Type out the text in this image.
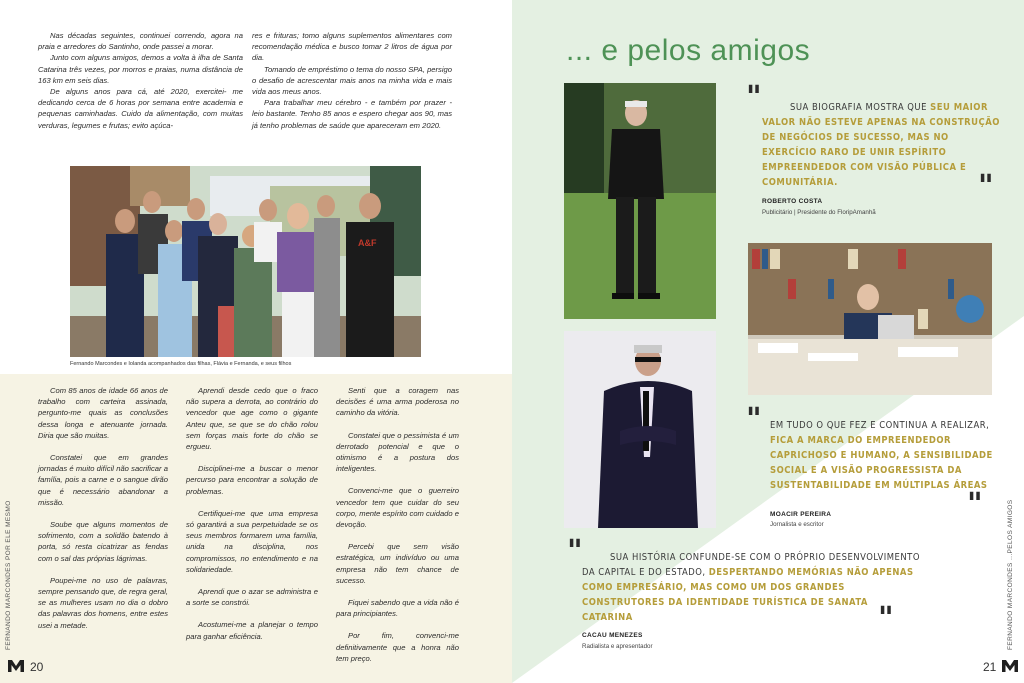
Nas décadas seguintes, continuei correndo, agora na praia e arredores do Santinho, onde passei a morar.

Junto com alguns amigos, demos a volta à ilha de Santa Catarina três vezes, por morros e praias, numa distância de 163 km em seis dias.

De alguns anos para cá, até 2020, exercitei- me dedicando cerca de 6 horas por semana entre academia e pequenas caminhadas. Cuido da alimentação, com muitas verduras, legumes e frutas; evito açúca-

res e frituras; tomo alguns suplementos alimentares com recomendação médica e busco tomar 2 litros de água por dia.

Tomando de empréstimo o tema do nosso SPA, persigo o desafio de acrescentar mais anos na minha vida e mais vida aos meus anos.

Para trabalhar meu cérebro - e também por prazer - leio bastante. Tenho 85 anos e espero chegar aos 90, mas já tenho problemas de saúde que apareceram em 2020.

A&F
Fernando Marcondes e Iolanda acompanhados das filhas, Flávia e Fernanda, e seus filhos

Com 85 anos de idade 66 anos de trabalho com carteira assinada, pergunto-me quais as conclusões dessa longa e atenuante jornada. Diria que são muitas.

Constatei que em grandes jornadas é muito difícil não sacrificar a família, pois a carne e o sangue dirão que é necessário abandonar a missão.

Soube que alguns momentos de sofrimento, com a solidão batendo à porta, só resta cicatrizar as fendas com o sal das próprias lágrimas.

Poupei-me no uso de palavras, sempre pensando que, de regra geral, se as mulheres usam no dia o dobro das palavras dos homens, entre estes usei a metade.

Aprendi desde cedo que o fraco não supera a derrota, ao contrário do vencedor que age como o gigante Anteu que, se que se do chão rolou sem forças mais forte do chão se ergueu.

Disciplinei-me a buscar o menor percurso para encontrar a solução de problemas.

Certifiquei-me que uma empresa só garantirá a sua perpetuidade se os seus membros formarem uma família, unida na disciplina, nos compromissos, no entendimento e na solidariedade.

Aprendi que o azar se administra e a sorte se constrói.

Acostumei-me a planejar o tempo para ganhar eficiência.

Senti que a coragem nas decisões é uma arma poderosa no caminho da vitória.

Constatei que o pessimista é um derrotado potencial e que o otimismo é a postura dos inteligentes.

Convenci-me que o guerreiro vencedor tem que cuidar do seu corpo, mente espírito com cuidado e devoção.

Percebi que sem visão estratégica, um indivíduo ou uma empresa não tem chance de sucesso.

Fiquei sabendo que a vida não é para principiantes.

Por fim, convenci-me definitivamente que a honra não tem preço.

FERNANDO MARCONDES POR ELE MESMO
20
... e pelos amigos
"	SUA BIOGRAFIA MOSTRA QUE SEU MAIOR VALOR NÃO ESTEVE APENAS NA CONSTRUÇÃO DE NEGÓCIOS DE SUCESSO, MAS NO EXERCÍCIO RARO DE UNIR ESPÍRITO EMPREENDEDOR COM VISÃO PÚBLICA E COMUNITÁRIA.	"
ROBERTO COSTA
Publicitário | Presidente do FloripAmanhã
" EM TUDO O QUE FEZ E CONTINUA A REALIZAR, FICA A MARCA DO EMPREENDEDOR CAPRICHOSO E HUMANO, A SENSIBILIDADE SOCIAL E A VISÃO PROGRESSISTA DA SUSTENTABILIDADE EM MÚLTIPLAS ÁREAS
"
MOACIR PEREIRA
Jornalista e escritor
"	SUA HISTÓRIA CONFUNDE-SE COM O PRÓPRIO DESENVOLVIMENTO DA CAPITAL E DO ESTADO, DESPERTANDO MEMÓRIAS NÃO APENAS COMO EMPRESÁRIO, MAS COMO UM DOS GRANDES CONSTRUTORES DA IDENTIDADE TURÍSTICA DE SANATA CATARINA	"
CACAU MENEZES
Radialista e apresentador	FERNANDO MARCONDES ...PELOS AMIGOS
21
